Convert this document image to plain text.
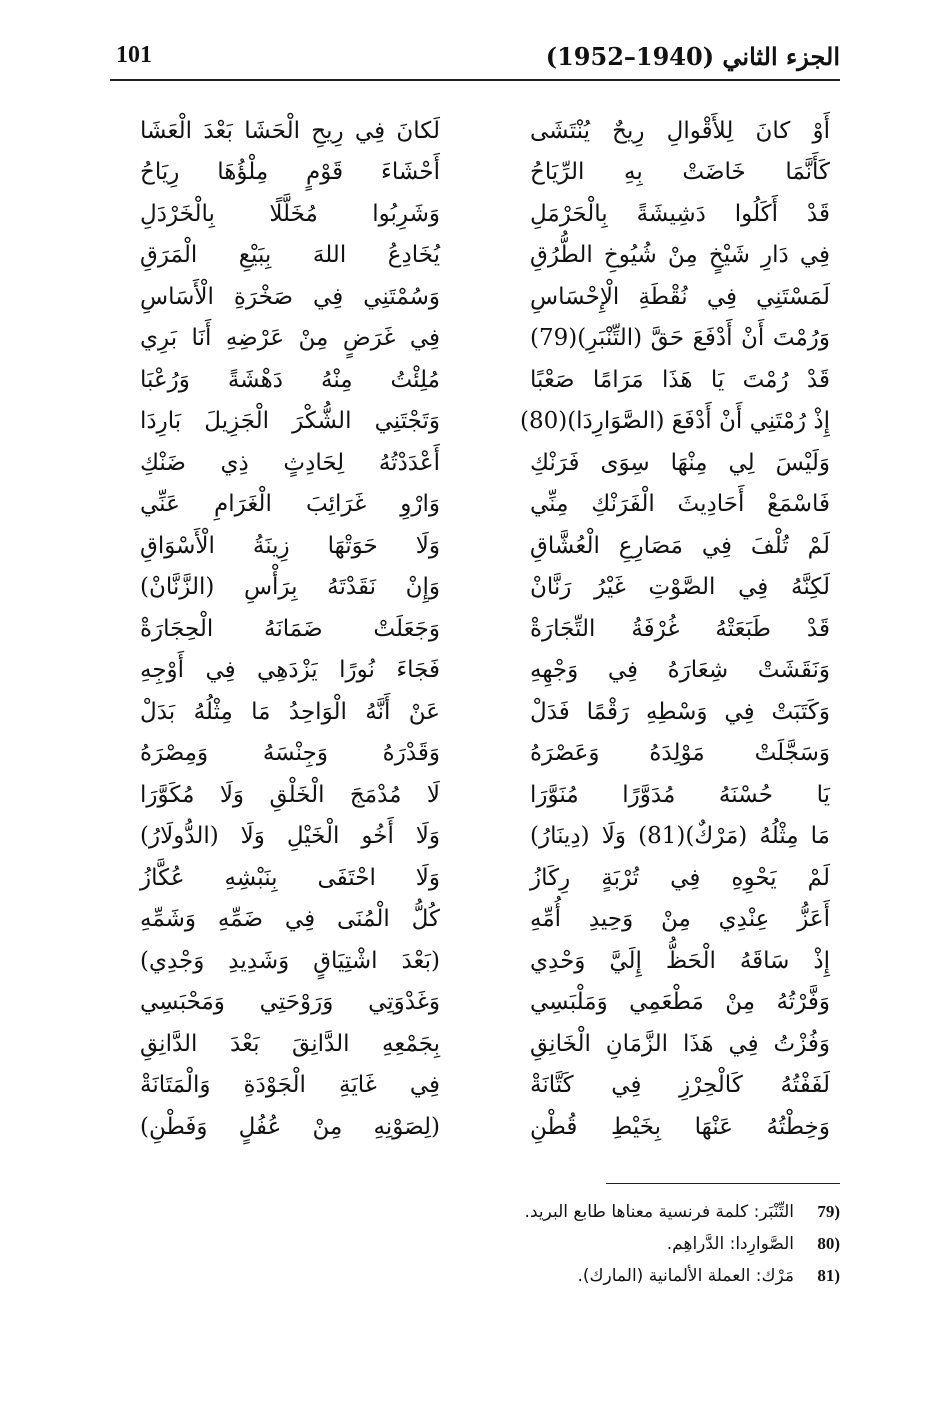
101	الجزء الثاني (1940–1952)
أَوْ كانَ لِلأَقْوالِ رِيحٌ يُنْتَشَى
لَكانَ فِي رِيحِ الْحَشَا بَعْدَ الْعَشَا
كَأَنَّمَا خَاضَتْ بِهِ الرِّيَاحُ
أَحْشَاءَ قَوْمٍ مِلْؤُهَا رِيَاحُ
قَدْ أَكَلُوا دَشِيشَةً بِالْحَرْمَلِ
وَشَرِبُوا مُخَلَّلًا بِالْخَرْدَلِ
فِي دَارِ شَيْخٍ مِنْ شُيُوخِ الطُّرُقِ
يُخَادِعُ اللهَ بِبَيْعِ الْمَرَقِ
لَمَسْتَنِي فِي نُقْطَةِ الْإِحْسَاسِ
وَسُمْتَنِي فِي صَخْرَةِ الْأَسَاسِ
وَرُمْتَ أَنْ أَدْفَعَ حَقَّ (التِّنْبَرِ)(79)
فِي غَرَضٍ مِنْ عَرْضِهِ أَنَا بَرِي
قَدْ رُمْتَ يَا هَذَا مَرَامًا صَعْبًا
مُلِئْتُ مِنْهُ دَهْشَةً وَرُعْبَا
إِذْ رُمْتَنِي أَنْ أَدْفَعَ (الصَّوَارِدَا)(80)
وَتَجْتَنِي الشُّكْرَ الْجَزِيلَ بَارِدَا
وَلَيْسَ لِي مِنْهَا سِوَى فَرَنْكِ
أَعْدَدْتُهُ لِحَادِثٍ ذِي ضَنْكِ
فَاسْمَعْ أَحَادِيثَ الْفَرَنْكِ مِنِّي
وَارْوِ غَرَائِبَ الْغَرَامِ عَنِّي
لَمْ تُلْفَ فِي مَصَارِعِ الْعُشَّاقِ
وَلَا حَوَتْهَا زِينَةُ الْأَسْوَاقِ
لَكِنَّهُ فِي الصَّوْتِ غَيْرُ رَنَّانْ
وَإِنْ نَقَدْتَهُ بِرَأْسِ (الزَّنَّانْ)
قَدْ طَبَعَتْهُ غُرْفَةُ التِّجَارَةْ
وَجَعَلَتْ ضَمَانَهُ الْحِجَارَةْ
وَنَقَشَتْ شِعَارَهُ فِي وَجْهِهِ
فَجَاءَ نُورًا يَزْدَهِي فِي أَوْجِهِ
وَكَتَبَتْ فِي وَسْطِهِ رَقْمًا فَدَلْ
عَنْ أَنَّهُ الْوَاحِدُ مَا مِثْلُهُ بَدَلْ
وَسَجَّلَتْ مَوْلِدَهُ وَعَصْرَهُ
وَقَدْرَهُ وَجِنْسَهُ وَمِصْرَهُ
يَا حُسْنَهُ مُدَوَّرًا مُنَوَّرَا
لَا مُدْمَجَ الْخَلْقِ وَلَا مُكَوَّرَا
مَا مِثْلُهُ (مَرْكٌ)(81) وَلَا (دِينَارُ)
وَلَا أَخُو الْخَيْلِ وَلَا (الدُّولَارُ)
لَمْ يَحْوِهِ فِي تُرْبَةٍ رِكَازُ
وَلَا احْتَفَى بِنَبْشِهِ عُكَّازُ
أَعَزُّ عِنْدِي مِنْ وَحِيدِ أُمِّهِ
كُلُّ الْمُنَى فِي ضَمِّهِ وَشَمِّهِ
إِذْ سَاقَهُ الْحَظُّ إِلَيَّ وَحْدِي
(بَعْدَ اشْتِيَاقٍ وَشَدِيدِ وَجْدِي)
وَفَّرْتُهُ مِنْ مَطْعَمِي وَمَلْبَسِي
وَغَدْوَتِي وَرَوْحَتِي وَمَحْبَسِي
وَفُزْتُ فِي هَذَا الزَّمَانِ الْخَانِقِ
بِجَمْعِهِ الدَّانِقَ بَعْدَ الدَّانِقِ
لَفَفْتُهُ كَالْحِرْزِ فِي كَتَّانَةْ
فِي غَايَةِ الْجَوْدَةِ وَالْمَتَانَةْ
وَخِطْتُهُ عَنْهَا بِخَيْطِ قُطْنِ
(لِصَوْنِهِ مِنْ عُفُلٍ وَفَطْنِ)
79)
التِّنْبَر: كلمة فرنسية معناها طابع البريد.
80)
الصَّوارِدا: الدَّراهِم.
81)
مَرْك: العملة الألمانية (المارك).
